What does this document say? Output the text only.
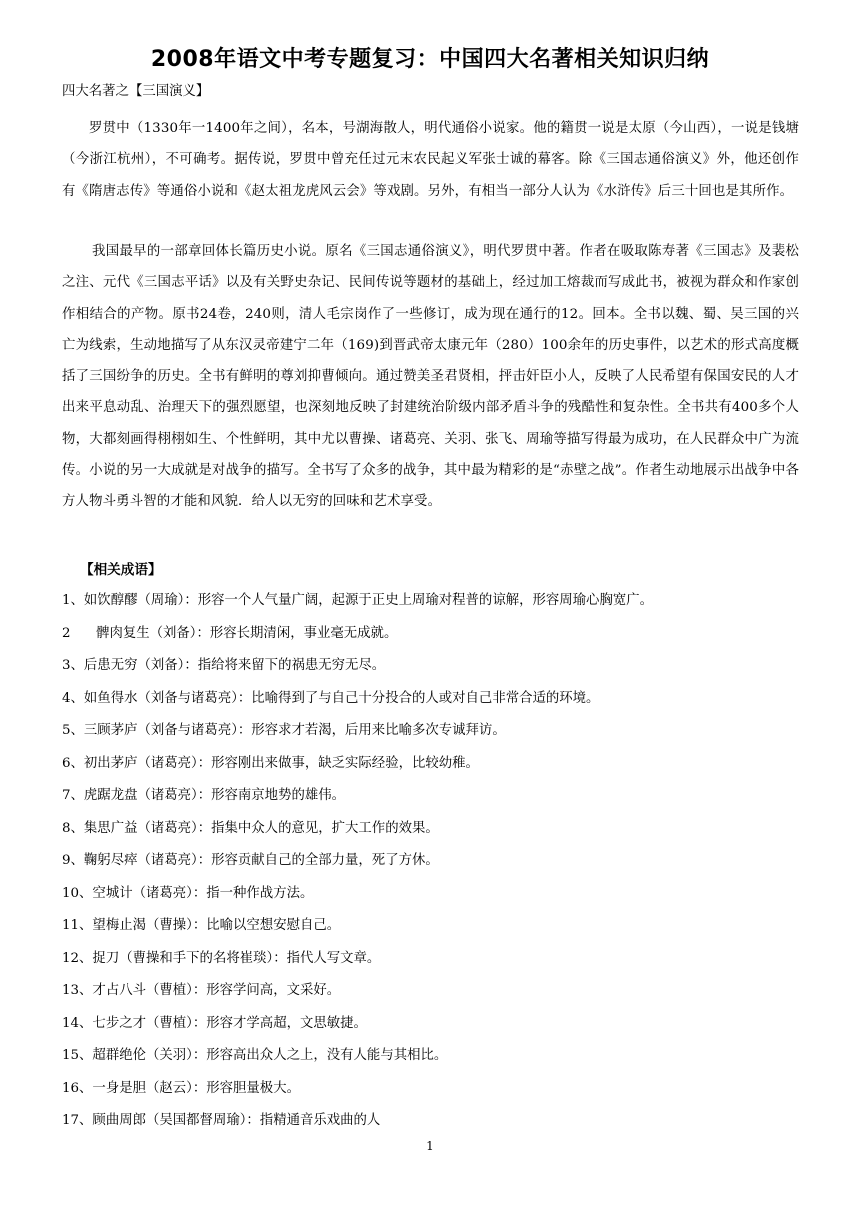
2008年语文中考专题复习：中国四大名著相关知识归纳

四大名著之【三国演义】

罗贯中（1330年一1400年之间），名本，号湖海散人，明代通俗小说家。他的籍贯一说是太原（今山西），一说是钱塘（今浙江杭州），不可确考。据传说，罗贯中曾充任过元末农民起义军张士诚的幕客。除《三国志通俗演义》外，他还创作有《隋唐志传》等通俗小说和《赵太祖龙虎风云会》等戏剧。另外，有相当一部分人认为《水浒传》后三十回也是其所作。

我国最早的一部章回体长篇历史小说。原名《三国志通俗演义》，明代罗贯中著。作者在吸取陈寿著《三国志》及裴松之注、元代《三国志平话》以及有关野史杂记、民间传说等题材的基础上，经过加工熔裁而写成此书，被视为群众和作家创作相结合的产物。原书24卷，240则，清人毛宗岗作了一些修订，成为现在通行的12。回本。全书以魏、蜀、吴三国的兴亡为线索，生动地描写了从东汉灵帝建宁二年（169)到晋武帝太康元年（280）100余年的历史事件，以艺术的形式高度概括了三国纷争的历史。全书有鲜明的尊刘抑曹倾向。通过赞美圣君贤相，抨击奸臣小人，反映了人民希望有保国安民的人才出来平息动乱、治理天下的强烈愿望，也深刻地反映了封建统治阶级内部矛盾斗争的残酷性和复杂性。全书共有400多个人物，大都刻画得栩栩如生、个性鲜明，其中尤以曹操、诸葛亮、关羽、张飞、周瑜等描写得最为成功，在人民群众中广为流传。小说的另一大成就是对战争的描写。全书写了众多的战争，其中最为精彩的是“赤壁之战”。作者生动地展示出战争中各方人物斗勇斗智的才能和风貌．给人以无穷的回味和艺术享受。

【相关成语】

1、如饮醇醪（周瑜）：形容一个人气量广阔，起源于正史上周瑜对程普的谅解，形容周瑜心胸宽广。
2      髀肉复生（刘备）：形容长期清闲，事业毫无成就。
3、后患无穷（刘备）：指给将来留下的祸患无穷无尽。
4、如鱼得水（刘备与诸葛亮）：比喻得到了与自己十分投合的人或对自己非常合适的环境。
5、三顾茅庐（刘备与诸葛亮）：形容求才若渴，后用来比喻多次专诚拜访。
6、初出茅庐（诸葛亮）：形容刚出来做事，缺乏实际经验，比较幼稚。
7、虎踞龙盘（诸葛亮）：形容南京地势的雄伟。
8、集思广益（诸葛亮）：指集中众人的意见，扩大工作的效果。
9、鞠躬尽瘁（诸葛亮）：形容贡献自己的全部力量，死了方休。
10、空城计（诸葛亮）：指一种作战方法。
11、望梅止渴（曹操）：比喻以空想安慰自己。
12、捉刀（曹操和手下的名将崔琰）：指代人写文章。
13、才占八斗（曹植）：形容学问高，文采好。
14、七步之才（曹植）：形容才学高超，文思敏捷。
15、超群绝伦（关羽）：形容高出众人之上，没有人能与其相比。
16、一身是胆（赵云）：形容胆量极大。
17、顾曲周郎（吴国都督周瑜）：指精通音乐戏曲的人

1
